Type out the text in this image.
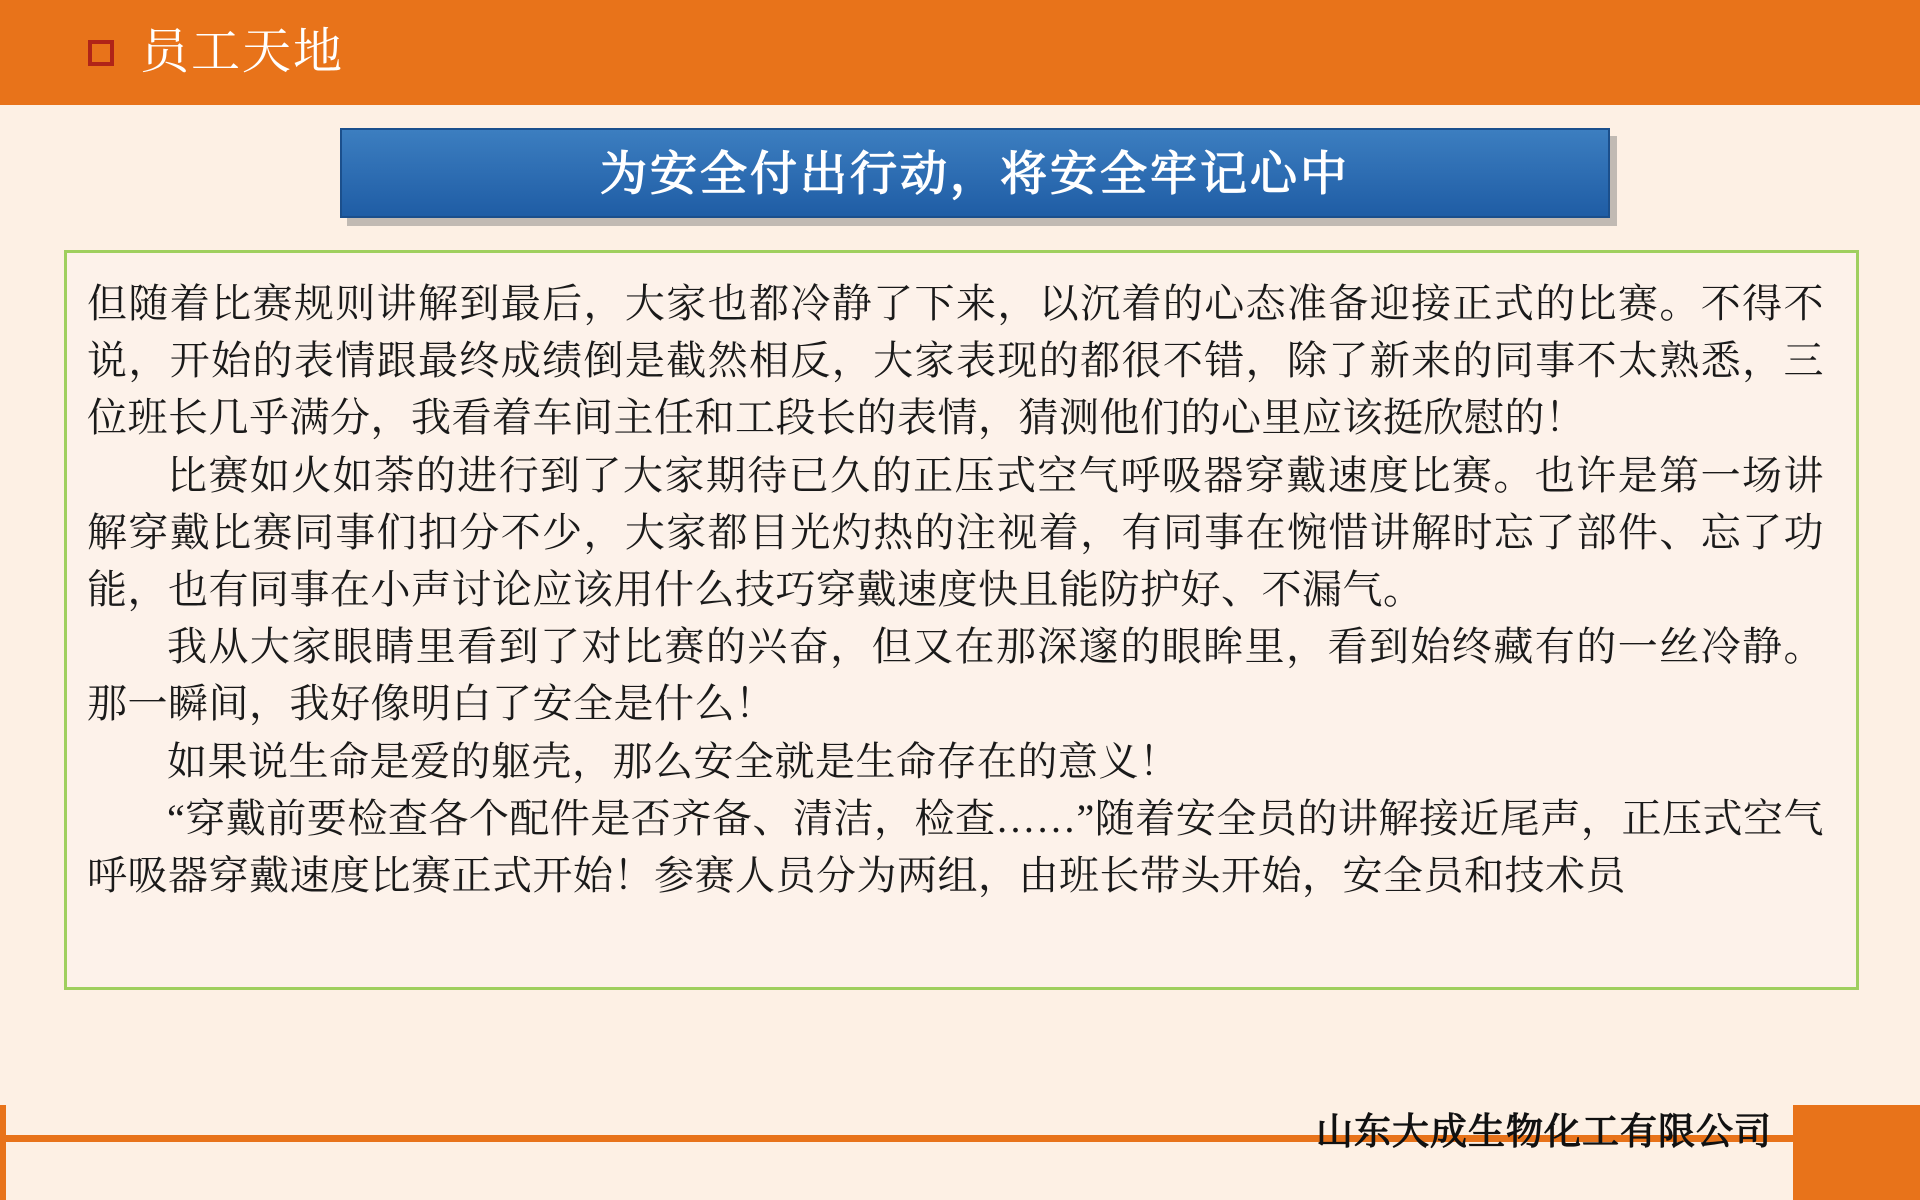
员工天地
为安全付出行动，将安全牢记心中

但随着比赛规则讲解到最后，大家也都冷静了下来，以沉着的心态准备迎接正式的比赛。不得不说，开始的表情跟最终成绩倒是截然相反，大家表现的都很不错，除了新来的同事不太熟悉，三位班长几乎满分，我看着车间主任和工段长的表情，猜测他们的心里应该挺欣慰的！

比赛如火如荼的进行到了大家期待已久的正压式空气呼吸器穿戴速度比赛。也许是第一场讲解穿戴比赛同事们扣分不少，大家都目光灼热的注视着，有同事在惋惜讲解时忘了部件、忘了功能，也有同事在小声讨论应该用什么技巧穿戴速度快且能防护好、不漏气。

我从大家眼睛里看到了对比赛的兴奋，但又在那深邃的眼眸里，看到始终藏有的一丝冷静。那一瞬间，我好像明白了安全是什么！

如果说生命是爱的躯壳，那么安全就是生命存在的意义！

“穿戴前要检查各个配件是否齐备、清洁，检查……”随着安全员的讲解接近尾声，正压式空气呼吸器穿戴速度比赛正式开始！参赛人员分为两组，由班长带头开始，安全员和技术员

山东大成生物化工有限公司
